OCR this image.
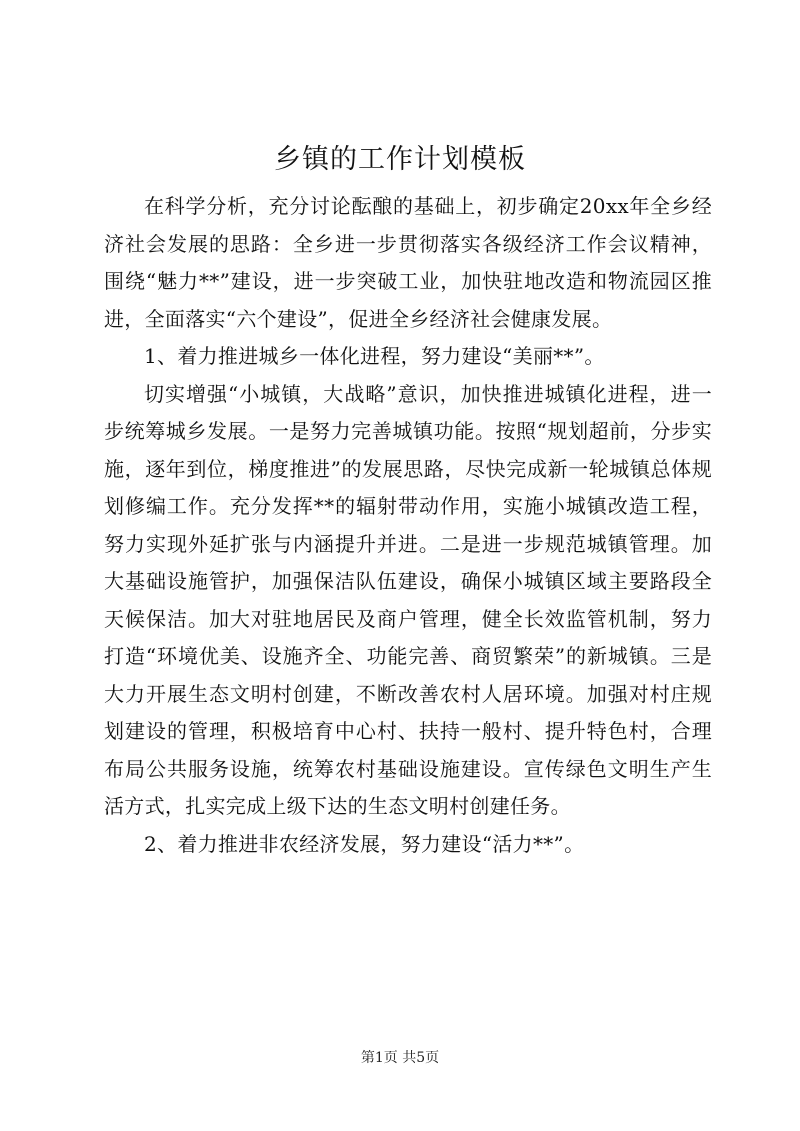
乡镇的工作计划模板

在科学分析，充分讨论酝酿的基础上，初步确定20xx年全乡经济社会发展的思路：全乡进一步贯彻落实各级经济工作会议精神，围绕“魅力**”建设，进一步突破工业，加快驻地改造和物流园区推进，全面落实“六个建设”，促进全乡经济社会健康发展。

1、着力推进城乡一体化进程，努力建设“美丽**”。

切实增强“小城镇，大战略”意识，加快推进城镇化进程，进一步统筹城乡发展。一是努力完善城镇功能。按照“规划超前，分步实施，逐年到位，梯度推进”的发展思路，尽快完成新一轮城镇总体规划修编工作。充分发挥**的辐射带动作用，实施小城镇改造工程，努力实现外延扩张与内涵提升并进。二是进一步规范城镇管理。加大基础设施管护，加强保洁队伍建设，确保小城镇区域主要路段全天候保洁。加大对驻地居民及商户管理，健全长效监管机制，努力打造“环境优美、设施齐全、功能完善、商贸繁荣”的新城镇。三是大力开展生态文明村创建，不断改善农村人居环境。加强对村庄规划建设的管理，积极培育中心村、扶持一般村、提升特色村，合理布局公共服务设施，统筹农村基础设施建设。宣传绿色文明生产生活方式，扎实完成上级下达的生态文明村创建任务。

2、着力推进非农经济发展，努力建设“活力**”。

第1页 共5页
